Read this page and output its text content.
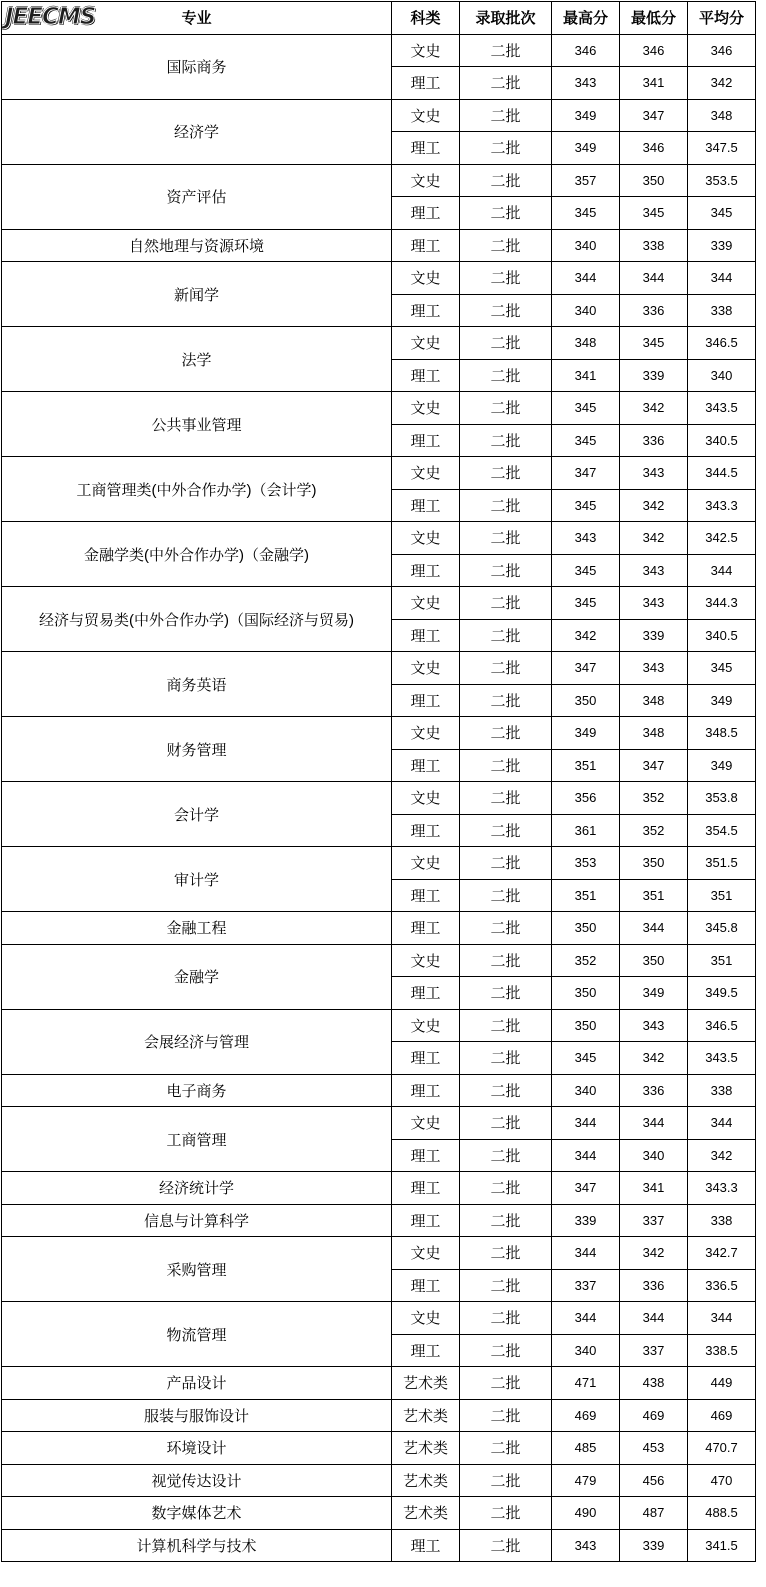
JEECMS 专业	科类	录取批次	最高分	最低分	平均分
国际商务	文史	二批	346	346	346
	理工	二批	343	341	342
经济学	文史	二批	349	347	348
	理工	二批	349	346	347.5
资产评估	文史	二批	357	350	353.5
	理工	二批	345	345	345
自然地理与资源环境	理工	二批	340	338	339
新闻学	文史	二批	344	344	344
	理工	二批	340	336	338
法学	文史	二批	348	345	346.5
	理工	二批	341	339	340
公共事业管理	文史	二批	345	342	343.5
	理工	二批	345	336	340.5
工商管理类(中外合作办学)（会计学)	文史	二批	347	343	344.5
	理工	二批	345	342	343.3
金融学类(中外合作办学)（金融学)	文史	二批	343	342	342.5
	理工	二批	345	343	344
经济与贸易类(中外合作办学)（国际经济与贸易)	文史	二批	345	343	344.3
	理工	二批	342	339	340.5
商务英语	文史	二批	347	343	345
	理工	二批	350	348	349
财务管理	文史	二批	349	348	348.5
	理工	二批	351	347	349
会计学	文史	二批	356	352	353.8
	理工	二批	361	352	354.5
审计学	文史	二批	353	350	351.5
	理工	二批	351	351	351
金融工程	理工	二批	350	344	345.8
金融学	文史	二批	352	350	351
	理工	二批	350	349	349.5
会展经济与管理	文史	二批	350	343	346.5
	理工	二批	345	342	343.5
电子商务	理工	二批	340	336	338
工商管理	文史	二批	344	344	344
	理工	二批	344	340	342
经济统计学	理工	二批	347	341	343.3
信息与计算科学	理工	二批	339	337	338
采购管理	文史	二批	344	342	342.7
	理工	二批	337	336	336.5
物流管理	文史	二批	344	344	344
	理工	二批	340	337	338.5
产品设计	艺术类	二批	471	438	449
服装与服饰设计	艺术类	二批	469	469	469
环境设计	艺术类	二批	485	453	470.7
视觉传达设计	艺术类	二批	479	456	470
数字媒体艺术	艺术类	二批	490	487	488.5
计算机科学与技术	理工	二批	343	339	341.5
